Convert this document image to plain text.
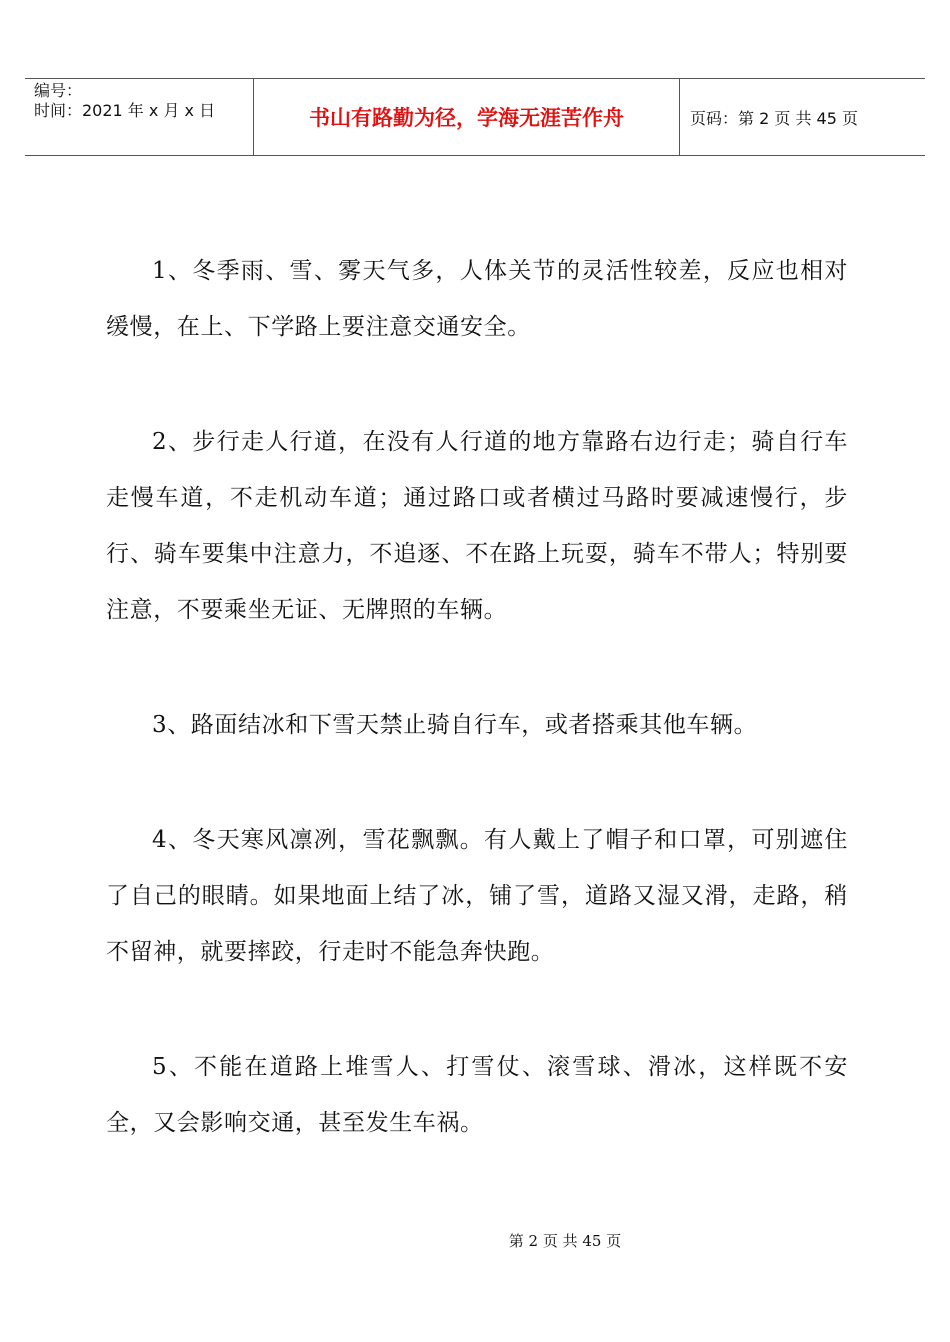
编号：
时间：2021 年 x 月 x 日	书山有路勤为径，学海无涯苦作舟	页码：第 2 页 共 45 页

1、冬季雨、雪、雾天气多，人体关节的灵活性较差，反应也相对缓慢，在上、下学路上要注意交通安全。

2、步行走人行道，在没有人行道的地方靠路右边行走；骑自行车走慢车道，不走机动车道；通过路口或者横过马路时要减速慢行，步行、骑车要集中注意力，不追逐、不在路上玩耍，骑车不带人；特别要注意，不要乘坐无证、无牌照的车辆。

3、路面结冰和下雪天禁止骑自行车，或者搭乘其他车辆。

4、冬天寒风凛冽，雪花飘飘。有人戴上了帽子和口罩，可别遮住了自己的眼睛。如果地面上结了冰，铺了雪，道路又湿又滑，走路，稍不留神，就要摔跤，行走时不能急奔快跑。

5、不能在道路上堆雪人、打雪仗、滚雪球、滑冰，这样既不安全，又会影响交通，甚至发生车祸。

第 2 页 共 45 页
